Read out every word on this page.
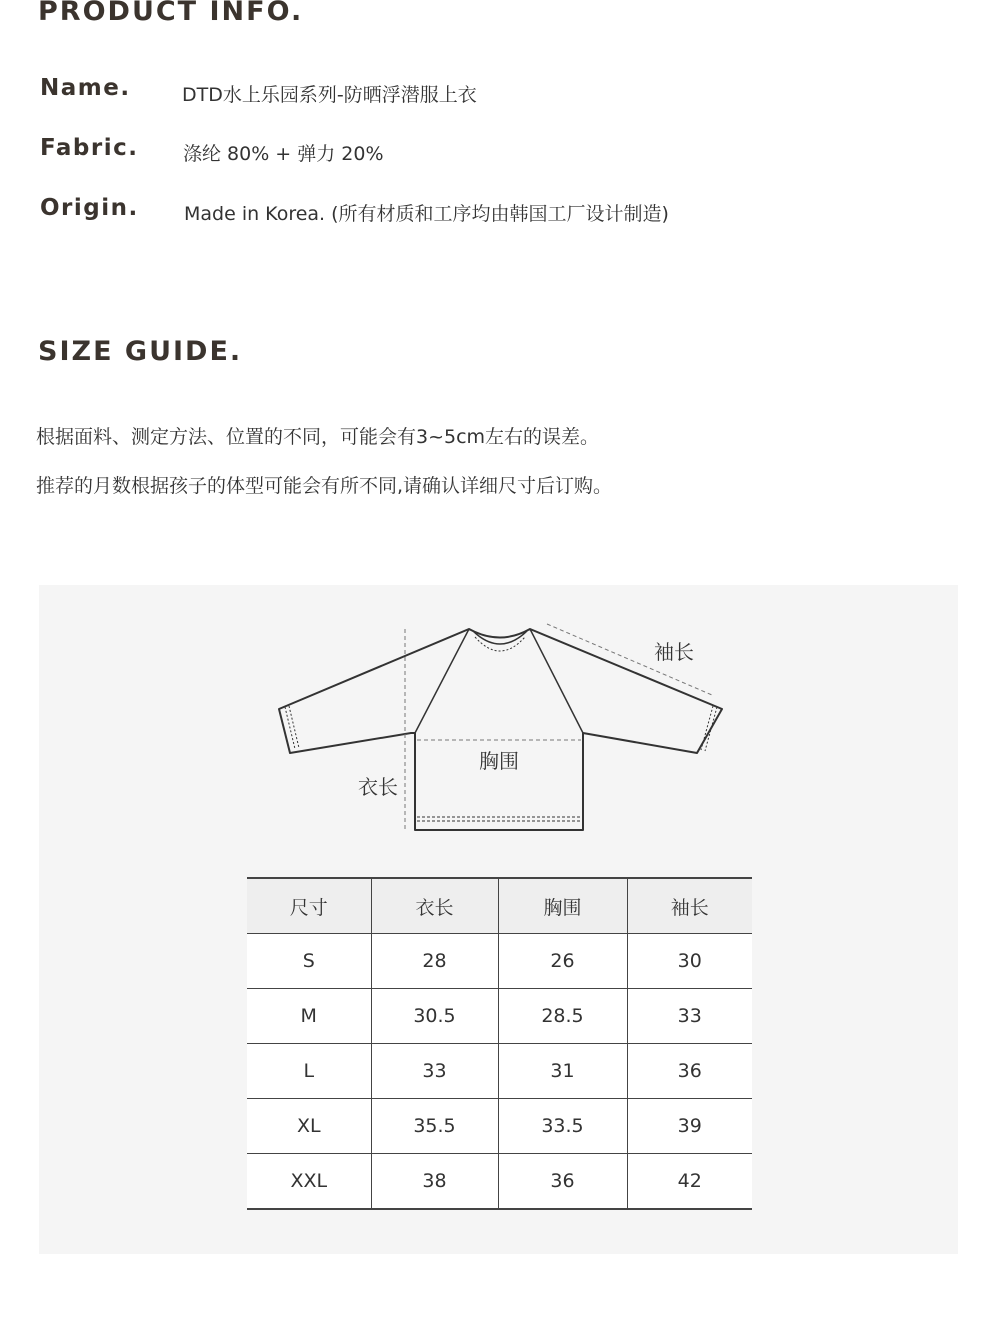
PRODUCT INFO.
Name.	DTD水上乐园系列-防晒浮潜服上衣
Fabric. 涤纶 80% + 弹力 20%
Origin. Made in Korea. (所有材质和工序均由韩国工厂设计制造)
SIZE GUIDE.

根据面料、测定方法、位置的不同，可能会有3~5cm左右的误差。

推荐的月数根据孩子的体型可能会有所不同,请确认详细尺寸后订购。

袖长
胸围
衣长
尺寸	衣长	胸围	袖长
S	28	26	30
M	30.5	28.5	33
L	33	31	36
XL	35.5	33.5	39
XXL	38	36	42
